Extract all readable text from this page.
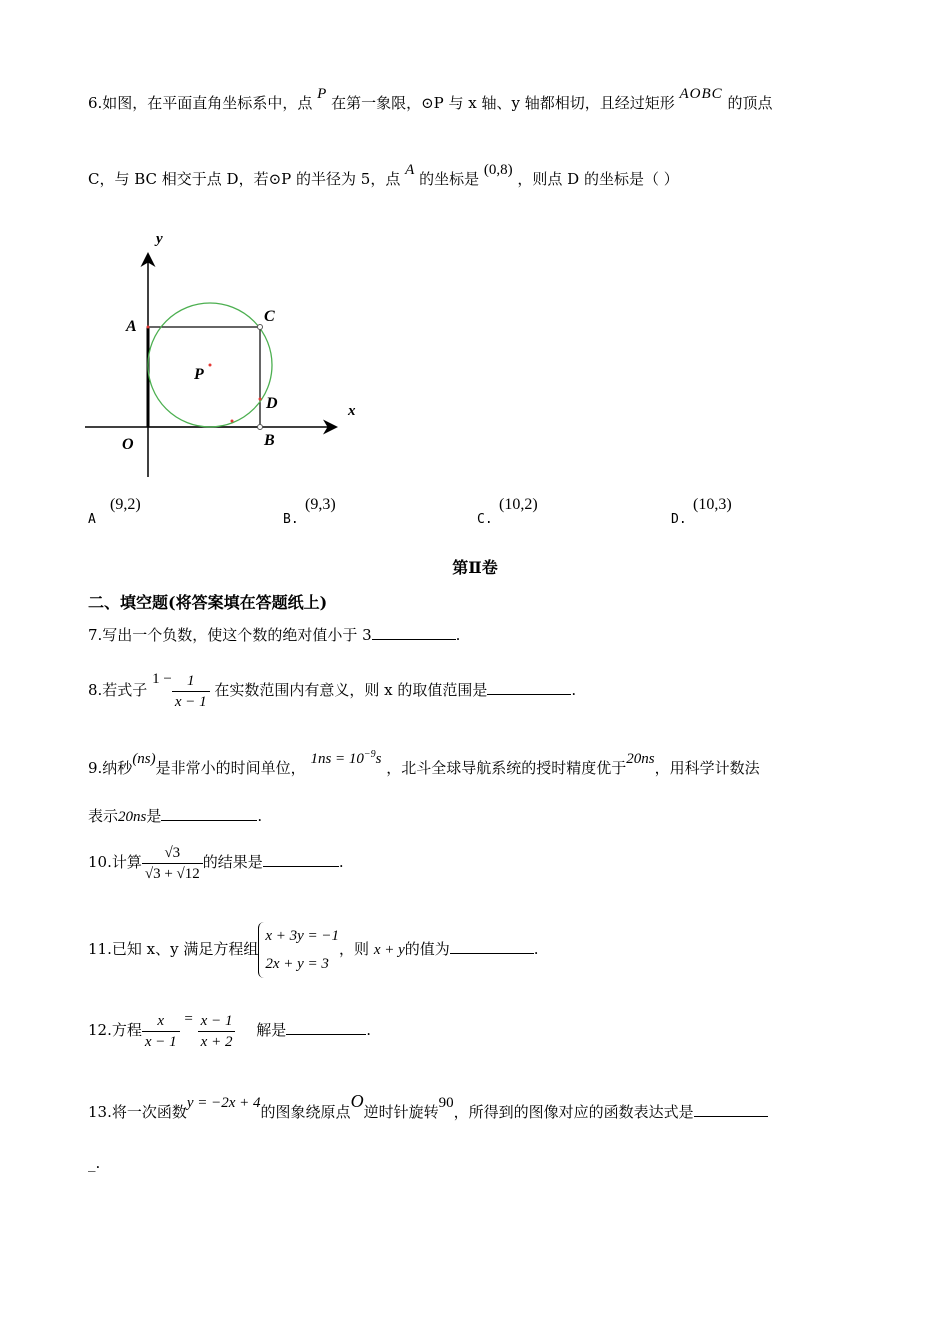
6.如图，在平面直角坐标系中，点 P 在第一象限，⊙P 与 x 轴、y 轴都相切，且经过矩形 AOBC 的顶点
C，与 BC 相交于点 D，若⊙P 的半径为 5，点 A 的坐标是 (0,8) ，则点 D 的坐标是（ ）
y
x
A
C
P
D
O	B
A
(9,2)
B.
(9,3)
C.
(10,2)
D.
(10,3)
第Ⅱ卷
二、填空题(将答案填在答题纸上)
7.写出一个负数，使这个数的绝对值小于 3	.
8.若式子 $1 - \frac{1}{x - 1}$ 在实数范围内有意义，则 x 的取值范围是	.
9.纳秒(ns)是非常小的时间单位， $1ns = 10^{-9}s$ ，北斗全球导航系统的授时精度优于20ns，用科学计数法
表示20ns是	.
10.计算 $\frac{√3}{√3 + √12}$ 的结果是	.
11.已知 x、y 满足方程组
x + 3y = −1
2x + y = 3
，则 x + y的值为	.
12.方程 $\frac{x}{x - 1} = \frac{x - 1}{x + 2}$ 解是	.
13.将一次函数y = −2x + 4的图象绕原点O逆时针旋转90，所得到的图像对应的函数表达式是
_.
